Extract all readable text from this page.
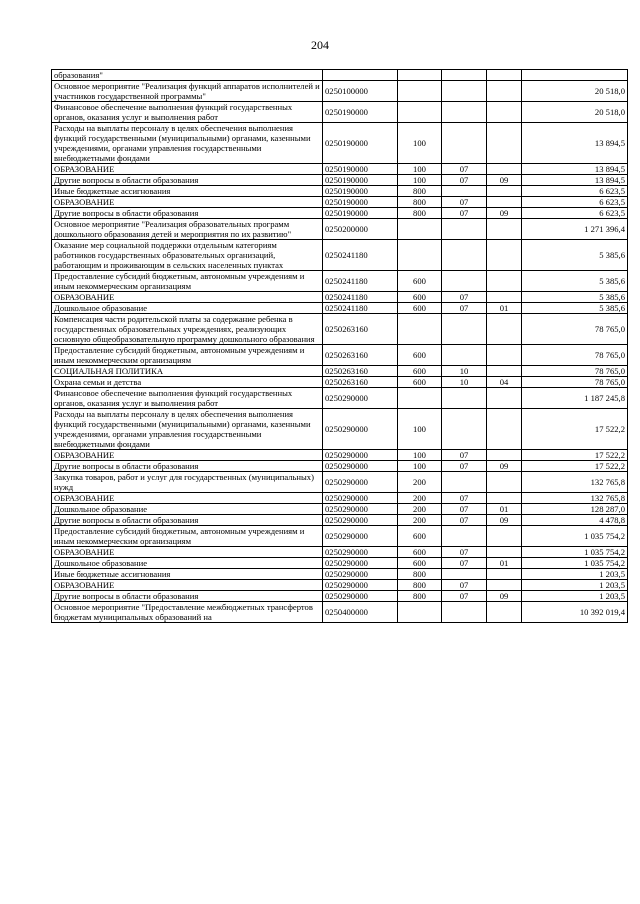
204
образования"					
Основное мероприятие "Реализация функций аппаратов исполнителей и участников государственной программы"	0250100000				20 518,0
Финансовое обеспечение выполнения функций государственных органов, оказания услуг и выполнения работ	0250190000				20 518,0
Расходы на выплаты персоналу в целях обеспечения выполнения функций государственными (муниципальными) органами, казенными учреждениями, органами управления государственными внебюджетными фондами	0250190000	100			13 894,5
ОБРАЗОВАНИЕ	0250190000	100	07		13 894,5
Другие вопросы в области образования	0250190000	100	07	09	13 894,5
Иные бюджетные ассигнования	0250190000	800			6 623,5
ОБРАЗОВАНИЕ	0250190000	800	07		6 623,5
Другие вопросы в области образования	0250190000	800	07	09	6 623,5
Основное мероприятие "Реализация образовательных программ дошкольного образования детей и мероприятия по их развитию"	0250200000				1 271 396,4
Оказание мер социальной поддержки отдельным категориям работников государственных образовательных организаций, работающим и проживающим в сельских населенных пунктах	0250241180				5 385,6
Предоставление субсидий бюджетным, автономным учреждениям и иным некоммерческим организациям	0250241180	600			5 385,6
ОБРАЗОВАНИЕ	0250241180	600	07		5 385,6
Дошкольное образование	0250241180	600	07	01	5 385,6
Компенсация части родительской платы за содержание ребенка в государственных образовательных учреждениях, реализующих основную общеобразовательную программу дошкольного образования	0250263160				78 765,0
Предоставление субсидий бюджетным, автономным учреждениям и иным некоммерческим организациям	0250263160	600			78 765,0
СОЦИАЛЬНАЯ ПОЛИТИКА	0250263160	600	10		78 765,0
Охрана семьи и детства	0250263160	600	10	04	78 765,0
Финансовое обеспечение выполнения функций государственных органов, оказания услуг и выполнения работ	0250290000				1 187 245,8
Расходы на выплаты персоналу в целях обеспечения выполнения функций государственными (муниципальными) органами, казенными учреждениями, органами управления государственными внебюджетными фондами	0250290000	100			17 522,2
ОБРАЗОВАНИЕ	0250290000	100	07		17 522,2
Другие вопросы в области образования	0250290000	100	07	09	17 522,2
Закупка товаров, работ и услуг для государственных (муниципальных) нужд	0250290000	200			132 765,8
ОБРАЗОВАНИЕ	0250290000	200	07		132 765,8
Дошкольное образование	0250290000	200	07	01	128 287,0
Другие вопросы в области образования	0250290000	200	07	09	4 478,8
Предоставление субсидий бюджетным, автономным учреждениям и иным некоммерческим организациям	0250290000	600			1 035 754,2
ОБРАЗОВАНИЕ	0250290000	600	07		1 035 754,2
Дошкольное образование	0250290000	600	07	01	1 035 754,2
Иные бюджетные ассигнования	0250290000	800			1 203,5
ОБРАЗОВАНИЕ	0250290000	800	07		1 203,5
Другие вопросы в области образования	0250290000	800	07	09	1 203,5
Основное мероприятие "Предоставление межбюджетных трансфертов бюджетам муниципальных образований на	0250400000				10 392 019,4
